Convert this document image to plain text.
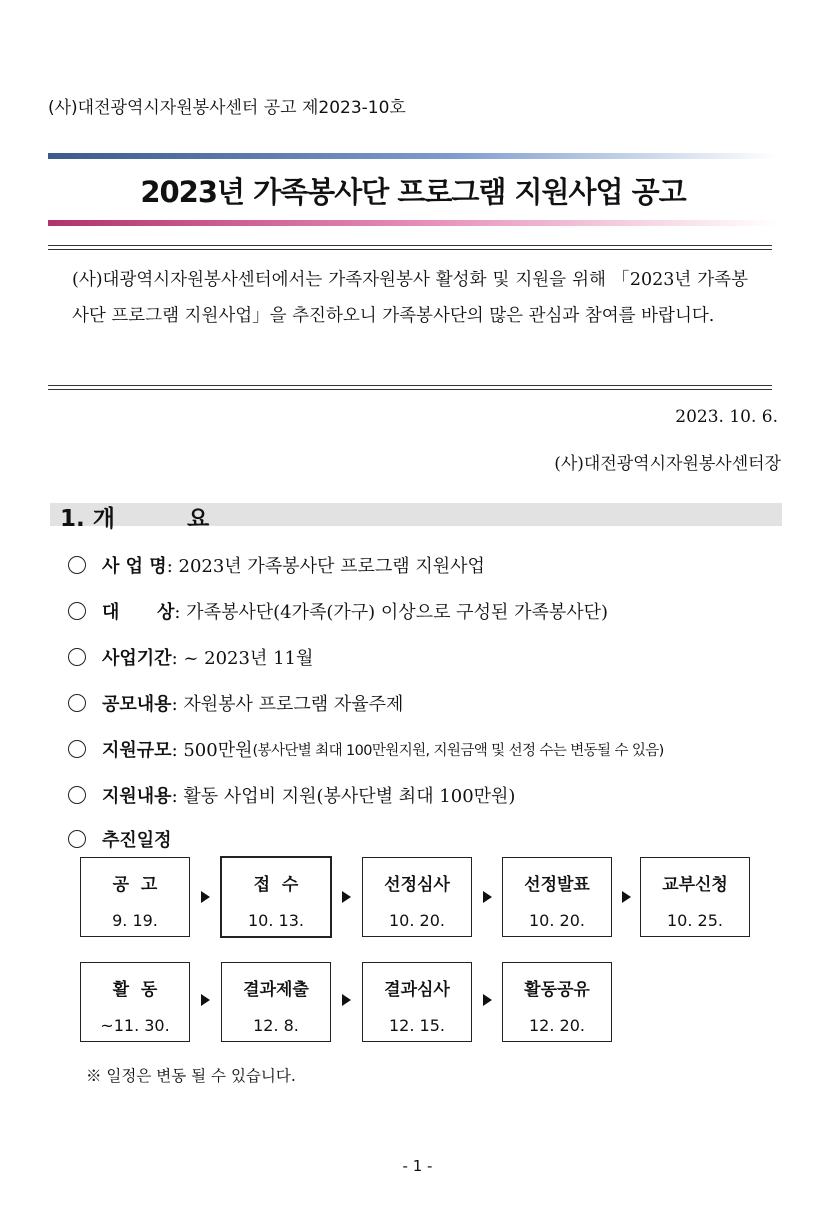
(사)대전광역시자원봉사센터 공고 제2023-10호
2023년 가족봉사단 프로그램 지원사업 공고
(사)대광역시자원봉사센터에서는 가족자원봉사 활성화 및 지원을 위해 「2023년 가족봉사단 프로그램 지원사업」을 추진하오니 가족봉사단의 많은 관심과 참여를 바랍니다.
2023. 10. 6.
(사)대전광역시자원봉사센터장
1. 개요
사 업 명 : 2023년 가족봉사단 프로그램 지원사업
대      상 : 가족봉사단(4가족(가구) 이상으로 구성된 가족봉사단)
사업기간 : ~ 2023년 11월
공모내용 : 자원봉사 프로그램 자율주제
지원규모 : 500만원 (봉사단별 최대 100만원지원, 지원금액 및 선정 수는 변동될 수 있음)
지원내용 : 활동 사업비 지원(봉사단별 최대 100만원)
추진일정
공  고
9. 19.
접  수
10. 13.
선정심사
10. 20.
선정발표
10. 20.
교부신청
10. 25.
활  동
~11. 30.
결과제출
12. 8.
결과심사
12. 15.
활동공유
12. 20.
※ 일정은 변동 될 수 있습니다.
- 1 -
